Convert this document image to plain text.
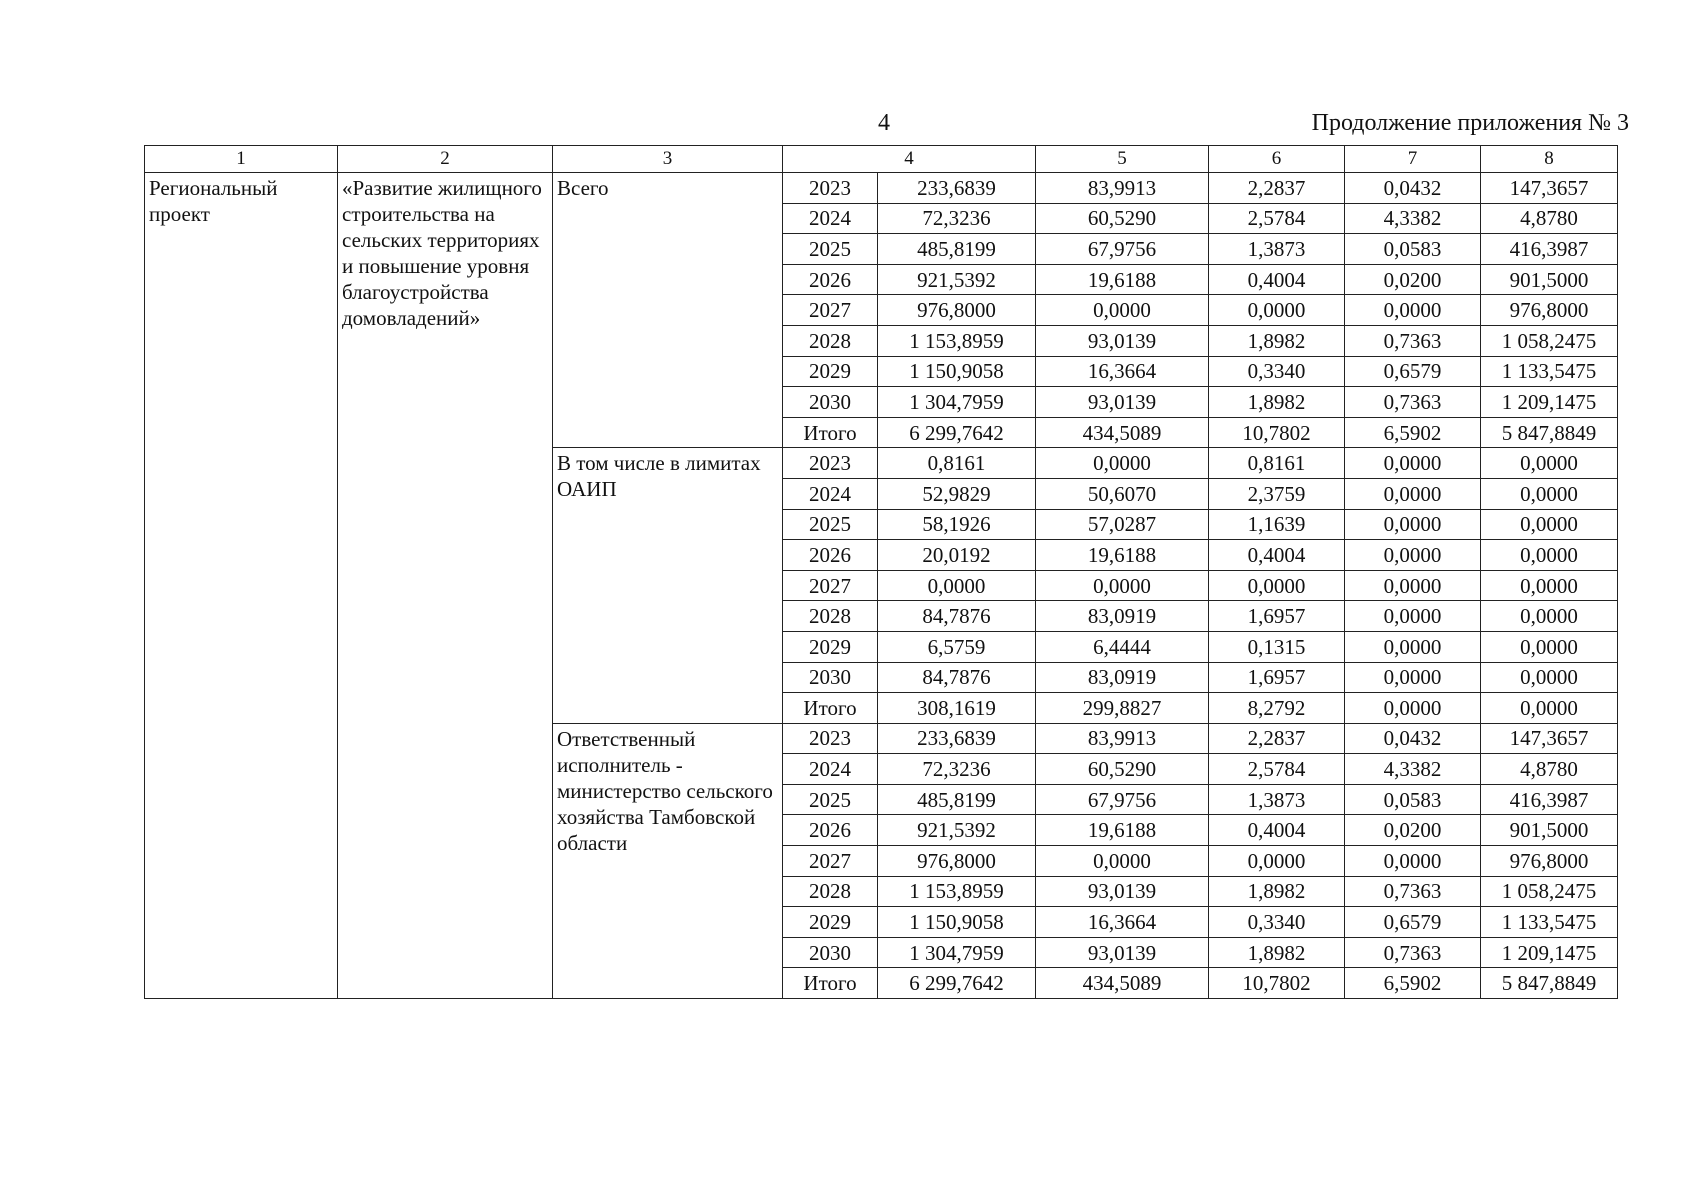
4	Продолжение приложения № 3
1	2	3	4		5	6	7	8
Региональный проект	«Развитие жилищного строительства на сельских территориях и повышение уровня благоустройства домовладений»	Всего	2023	233,6839	83,9913	2,2837	0,0432	147,3657
			2024	72,3236	60,5290	2,5784	4,3382	4,8780
			2025	485,8199	67,9756	1,3873	0,0583	416,3987
			2026	921,5392	19,6188	0,4004	0,0200	901,5000
			2027	976,8000	0,0000	0,0000	0,0000	976,8000
			2028	1 153,8959	93,0139	1,8982	0,7363	1 058,2475
			2029	1 150,9058	16,3664	0,3340	0,6579	1 133,5475
			2030	1 304,7959	93,0139	1,8982	0,7363	1 209,1475
			Итого	6 299,7642	434,5089	10,7802	6,5902	5 847,8849
		В том числе в лимитах ОАИП	2023	0,8161	0,0000	0,8161	0,0000	0,0000
			2024	52,9829	50,6070	2,3759	0,0000	0,0000
			2025	58,1926	57,0287	1,1639	0,0000	0,0000
			2026	20,0192	19,6188	0,4004	0,0000	0,0000
			2027	0,0000	0,0000	0,0000	0,0000	0,0000
			2028	84,7876	83,0919	1,6957	0,0000	0,0000
			2029	6,5759	6,4444	0,1315	0,0000	0,0000
			2030	84,7876	83,0919	1,6957	0,0000	0,0000
			Итого	308,1619	299,8827	8,2792	0,0000	0,0000
		Ответственный исполнитель - министерство сельского хозяйства Тамбовской области	2023	233,6839	83,9913	2,2837	0,0432	147,3657
			2024	72,3236	60,5290	2,5784	4,3382	4,8780
			2025	485,8199	67,9756	1,3873	0,0583	416,3987
			2026	921,5392	19,6188	0,4004	0,0200	901,5000
			2027	976,8000	0,0000	0,0000	0,0000	976,8000
			2028	1 153,8959	93,0139	1,8982	0,7363	1 058,2475
			2029	1 150,9058	16,3664	0,3340	0,6579	1 133,5475
			2030	1 304,7959	93,0139	1,8982	0,7363	1 209,1475
			Итого	6 299,7642	434,5089	10,7802	6,5902	5 847,8849
